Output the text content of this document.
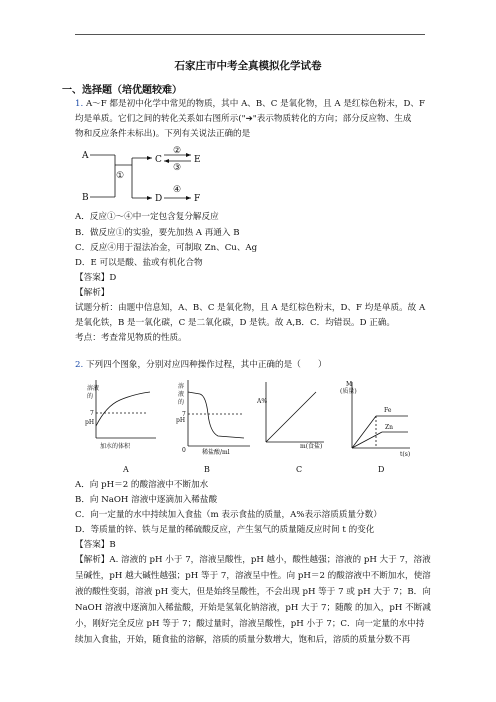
石家庄市中考全真模拟化学试卷
一、选择题（培优题较难）
1. A～F 都是初中化学中常见的物质，其中 A、B、C 是氧化物，且 A 是红棕色粉末，D、F
均是单质。它们之间的转化关系如右图所示("➔"表示物质转化的方向；部分反应物、生成
物和反应条件未标出)。下列有关说法正确的是
A
B
C
D
E
F
①
②
③
④
A．反应①～④中一定包含复分解反应
B．做反应①的实验，要先加热 A 再通入 B
C．反应④用于湿法冶金，可制取 Zn、Cu、Ag
D．E 可以是酸、盐或有机化合物
【答案】D
【解析】
试题分析：由题中信息知，A、B、C 是氧化物，且 A 是红棕色粉末，D、F 均是单质。故 A
是氧化铁，B 是一氧化碳，C 是二氧化碳，D 是铁。故 A,B．C．均错误。D 正确。
考点：考查常见物质的性质。
2. 下列四个图象，分别对应四种操作过程，其中正确的是（　　）
溶液
的
pH
7
加水的体积
A
溶
液
的
pH
7
0	稀盐酸/ml
B
A%
m(食盐)
C
M
(质量)
Fe
Zn
t(s)
D
A．向 pH＝2 的酸溶液中不断加水
B．向 NaOH 溶液中逐滴加入稀盐酸
C．向一定量的水中持续加入食盐（m 表示食盐的质量，A%表示溶质质量分数）
D．等质量的锌、铁与足量的稀硫酸反应，产生氢气的质量随反应时间 t 的变化
【答案】B
【解析】A. 溶液的 pH 小于 7，溶液呈酸性，pH 越小，酸性越强；溶液的 pH 大于 7，溶液
呈碱性，pH 越大碱性越强；pH 等于 7，溶液呈中性。向 pH＝2 的酸溶液中不断加水，使溶
液的酸性变弱，溶液 pH 变大，但是始终呈酸性，不会出现 pH 等于 7 或 pH 大于 7；B．向
NaOH 溶液中逐滴加入稀盐酸，开始是氢氧化钠溶液，pH 大于 7；随酸 的加入，pH 不断减
小，刚好完全反应 pH 等于 7；酸过量时，溶液呈酸性，pH 小于 7；C．向一定量的水中持
续加入食盐，开始，随食盐的溶解，溶质的质量分数增大，饱和后，溶质的质量分数不再
